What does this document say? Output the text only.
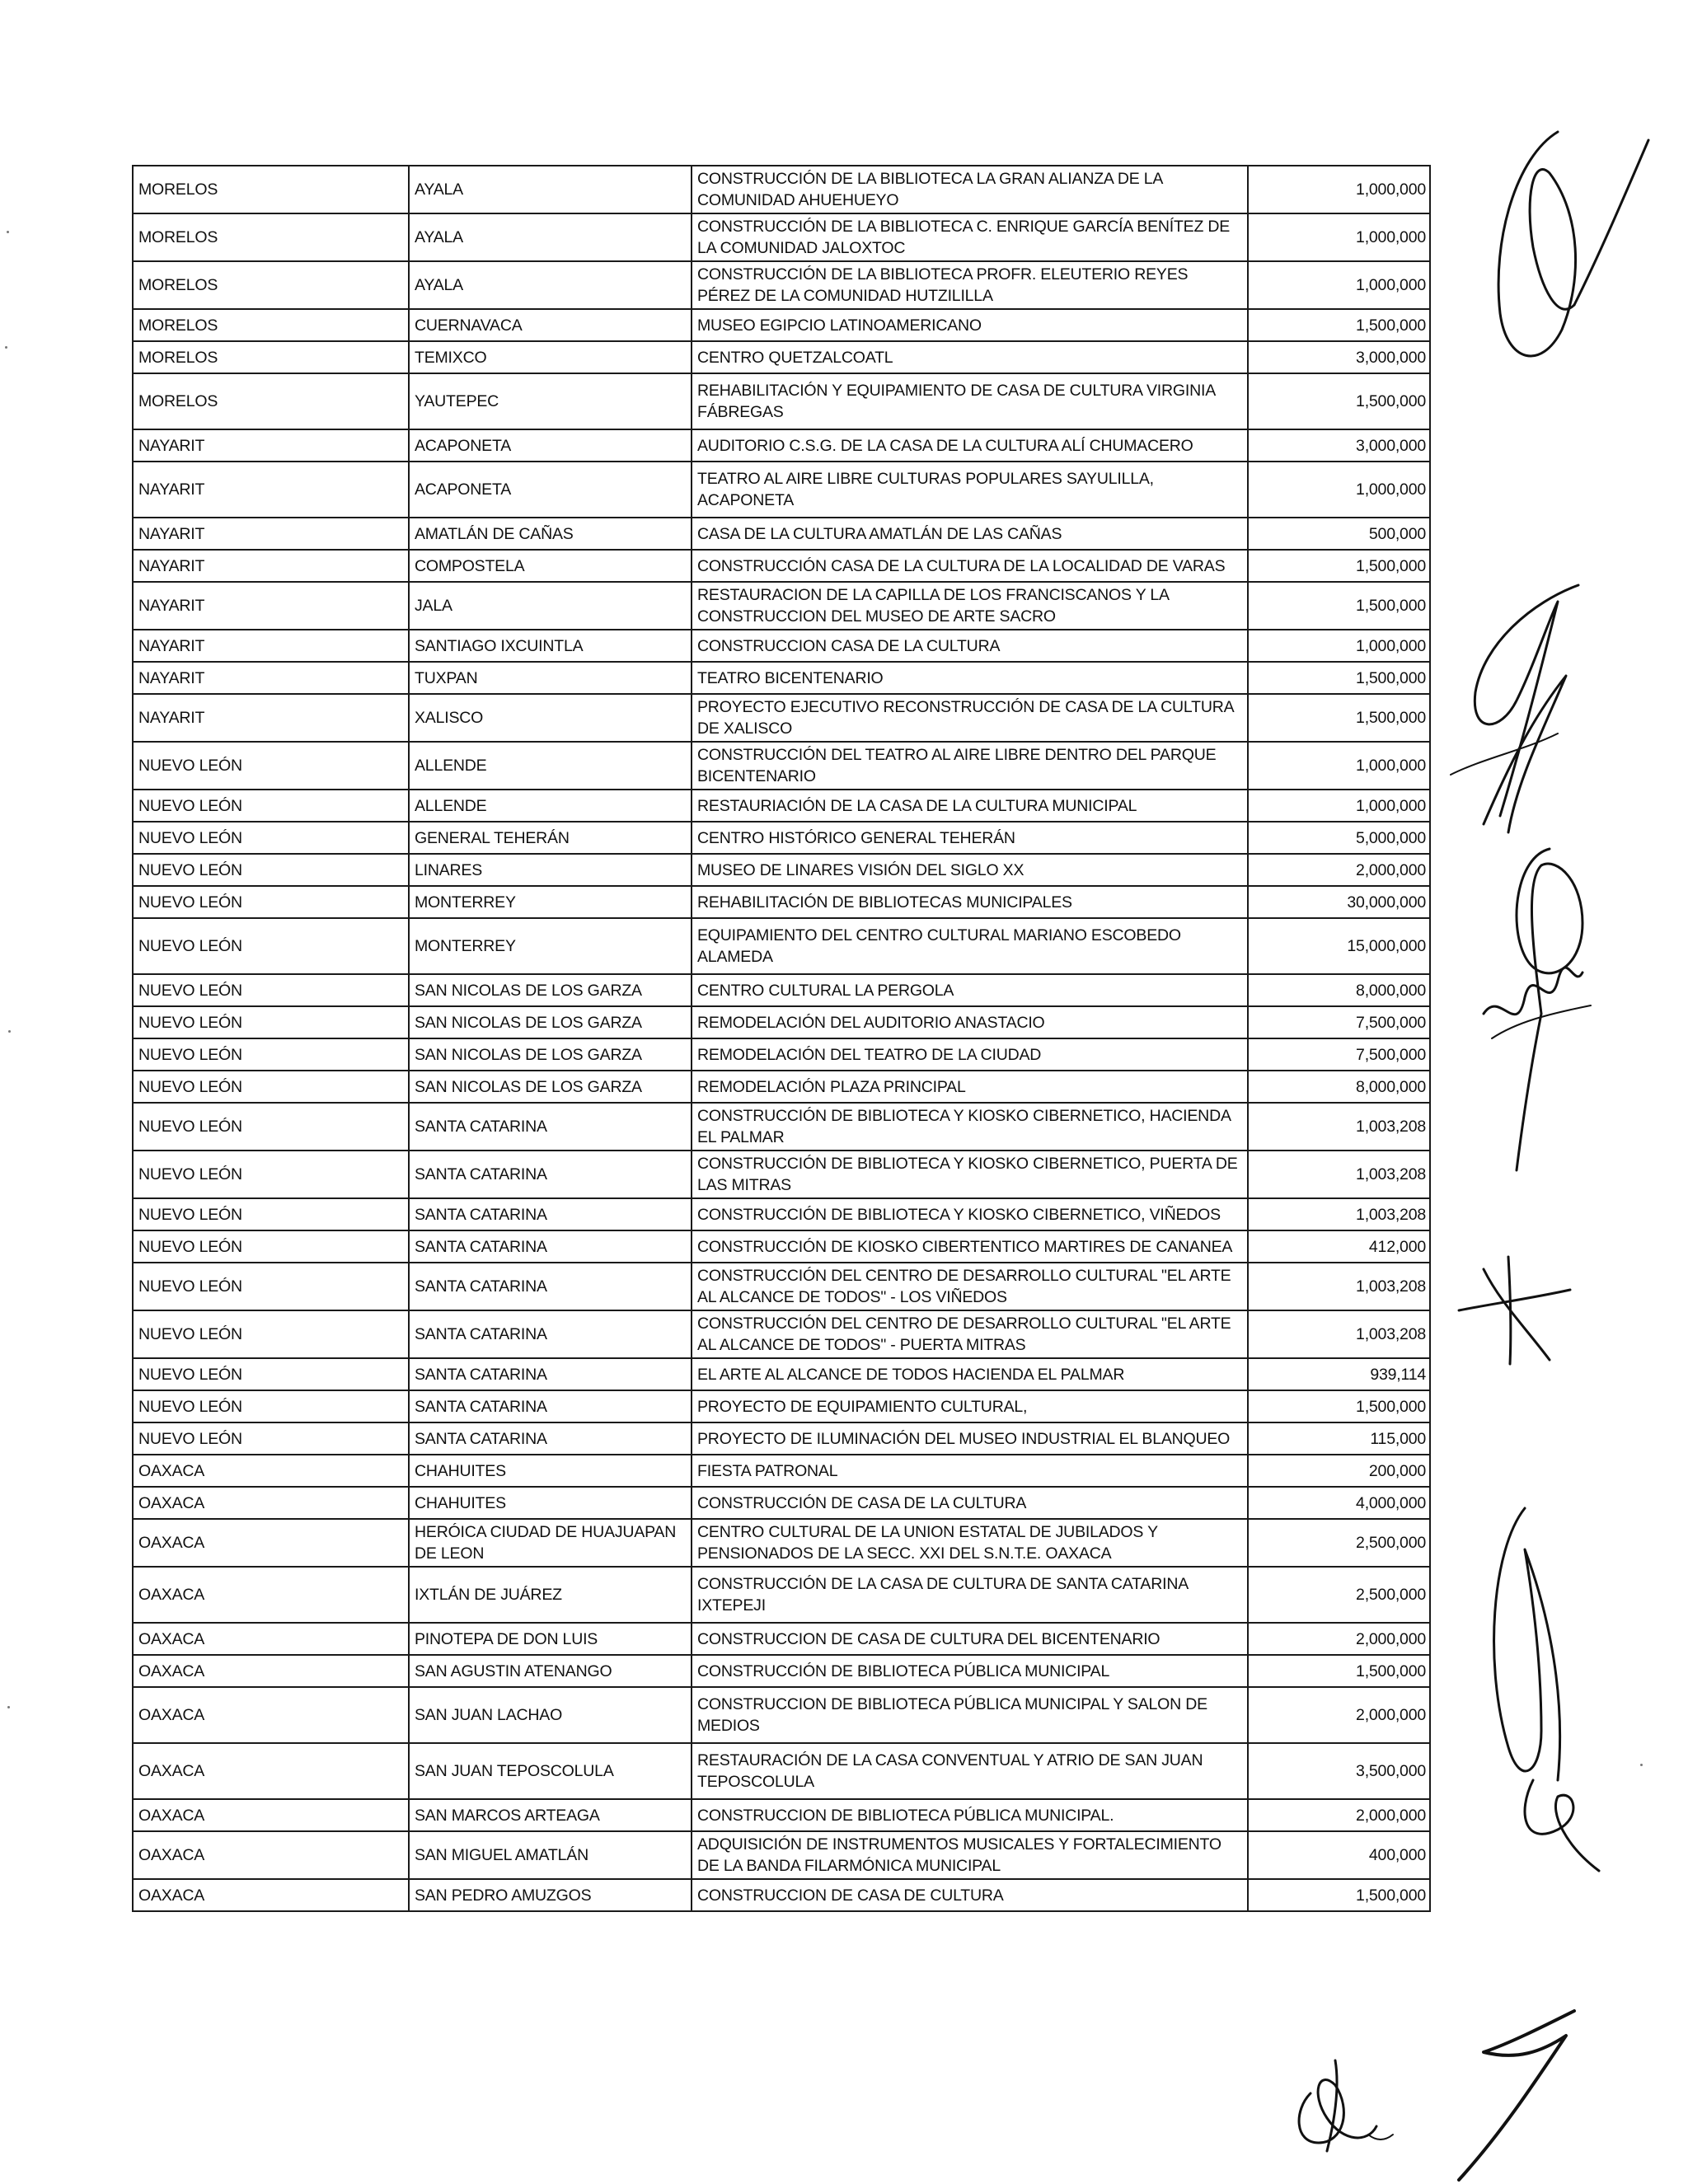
MORELOS	AYALA	CONSTRUCCIÓN DE LA BIBLIOTECA LA GRAN ALIANZA DE LA COMUNIDAD AHUEHUEYO	1,000,000
MORELOS	AYALA	CONSTRUCCIÓN DE LA BIBLIOTECA C. ENRIQUE GARCÍA BENÍTEZ DE LA COMUNIDAD JALOXTOC	1,000,000
MORELOS	AYALA	CONSTRUCCIÓN DE LA BIBLIOTECA PROFR. ELEUTERIO REYES PÉREZ DE LA COMUNIDAD HUTZILILLA	1,000,000
MORELOS	CUERNAVACA	MUSEO EGIPCIO LATINOAMERICANO	1,500,000
MORELOS	TEMIXCO	CENTRO QUETZALCOATL	3,000,000
MORELOS	YAUTEPEC	REHABILITACIÓN Y EQUIPAMIENTO DE CASA DE CULTURA VIRGINIA FÁBREGAS	1,500,000
NAYARIT	ACAPONETA	AUDITORIO C.S.G. DE LA CASA DE LA CULTURA ALÍ CHUMACERO	3,000,000
NAYARIT	ACAPONETA	TEATRO AL AIRE LIBRE CULTURAS POPULARES SAYULILLA, ACAPONETA	1,000,000
NAYARIT	AMATLÁN DE CAÑAS	CASA DE LA CULTURA AMATLÁN DE LAS CAÑAS	500,000
NAYARIT	COMPOSTELA	CONSTRUCCIÓN CASA DE LA CULTURA DE LA LOCALIDAD DE VARAS	1,500,000
NAYARIT	JALA	RESTAURACION DE LA CAPILLA DE LOS FRANCISCANOS Y LA CONSTRUCCION DEL MUSEO DE ARTE SACRO	1,500,000
NAYARIT	SANTIAGO IXCUINTLA	CONSTRUCCION CASA DE LA CULTURA	1,000,000
NAYARIT	TUXPAN	TEATRO BICENTENARIO	1,500,000
NAYARIT	XALISCO	PROYECTO EJECUTIVO RECONSTRUCCIÓN DE CASA DE LA CULTURA DE XALISCO	1,500,000
NUEVO LEÓN	ALLENDE	CONSTRUCCIÓN DEL TEATRO AL AIRE LIBRE DENTRO DEL PARQUE BICENTENARIO	1,000,000
NUEVO LEÓN	ALLENDE	RESTAURIACIÓN DE LA CASA DE LA CULTURA MUNICIPAL	1,000,000
NUEVO LEÓN	GENERAL TEHERÁN	CENTRO HISTÓRICO GENERAL TEHERÁN	5,000,000
NUEVO LEÓN	LINARES	MUSEO DE LINARES VISIÓN DEL SIGLO XX	2,000,000
NUEVO LEÓN	MONTERREY	REHABILITACIÓN DE BIBLIOTECAS MUNICIPALES	30,000,000
NUEVO LEÓN	MONTERREY	EQUIPAMIENTO DEL CENTRO CULTURAL MARIANO ESCOBEDO ALAMEDA	15,000,000
NUEVO LEÓN	SAN NICOLAS DE LOS GARZA	CENTRO CULTURAL LA PERGOLA	8,000,000
NUEVO LEÓN	SAN NICOLAS DE LOS GARZA	REMODELACIÓN DEL AUDITORIO ANASTACIO	7,500,000
NUEVO LEÓN	SAN NICOLAS DE LOS GARZA	REMODELACIÓN DEL TEATRO DE LA CIUDAD	7,500,000
NUEVO LEÓN	SAN NICOLAS DE LOS GARZA	REMODELACIÓN PLAZA PRINCIPAL	8,000,000
NUEVO LEÓN	SANTA CATARINA	CONSTRUCCIÓN DE BIBLIOTECA Y KIOSKO CIBERNETICO, HACIENDA EL PALMAR	1,003,208
NUEVO LEÓN	SANTA CATARINA	CONSTRUCCIÓN DE BIBLIOTECA Y KIOSKO CIBERNETICO, PUERTA DE LAS MITRAS	1,003,208
NUEVO LEÓN	SANTA CATARINA	CONSTRUCCIÓN DE BIBLIOTECA Y KIOSKO CIBERNETICO, VIÑEDOS	1,003,208
NUEVO LEÓN	SANTA CATARINA	CONSTRUCCIÓN DE KIOSKO CIBERTENTICO MARTIRES DE CANANEA	412,000
NUEVO LEÓN	SANTA CATARINA	CONSTRUCCIÓN DEL CENTRO DE DESARROLLO CULTURAL "EL ARTE AL ALCANCE DE TODOS" - LOS VIÑEDOS	1,003,208
NUEVO LEÓN	SANTA CATARINA	CONSTRUCCIÓN DEL CENTRO DE DESARROLLO CULTURAL "EL ARTE AL ALCANCE DE TODOS" - PUERTA MITRAS	1,003,208
NUEVO LEÓN	SANTA CATARINA	EL ARTE AL ALCANCE DE TODOS HACIENDA EL PALMAR	939,114
NUEVO LEÓN	SANTA CATARINA	PROYECTO DE EQUIPAMIENTO CULTURAL,	1,500,000
NUEVO LEÓN	SANTA CATARINA	PROYECTO DE ILUMINACIÓN DEL MUSEO INDUSTRIAL EL BLANQUEO	115,000
OAXACA	CHAHUITES	FIESTA PATRONAL	200,000
OAXACA	CHAHUITES	CONSTRUCCIÓN DE CASA DE LA CULTURA	4,000,000
OAXACA	HERÓICA CIUDAD DE HUAJUAPAN DE LEON	CENTRO CULTURAL DE LA UNION ESTATAL DE JUBILADOS Y PENSIONADOS DE LA SECC. XXI DEL S.N.T.E. OAXACA	2,500,000
OAXACA	IXTLÁN DE JUÁREZ	CONSTRUCCIÓN DE LA CASA DE CULTURA DE SANTA CATARINA IXTEPEJI	2,500,000
OAXACA	PINOTEPA DE DON LUIS	CONSTRUCCION DE CASA DE CULTURA DEL BICENTENARIO	2,000,000
OAXACA	SAN AGUSTIN ATENANGO	CONSTRUCCIÓN DE BIBLIOTECA PÚBLICA MUNICIPAL	1,500,000
OAXACA	SAN JUAN LACHAO	CONSTRUCCION DE BIBLIOTECA PÚBLICA MUNICIPAL Y SALON DE MEDIOS	2,000,000
OAXACA	SAN JUAN TEPOSCOLULA	RESTAURACIÓN DE LA CASA CONVENTUAL Y ATRIO DE SAN JUAN TEPOSCOLULA	3,500,000
OAXACA	SAN MARCOS ARTEAGA	CONSTRUCCION DE BIBLIOTECA PÚBLICA MUNICIPAL.	2,000,000
OAXACA	SAN MIGUEL AMATLÁN	ADQUISICIÓN DE INSTRUMENTOS MUSICALES Y FORTALECIMIENTO DE LA BANDA FILARMÓNICA MUNICIPAL	400,000
OAXACA	SAN PEDRO AMUZGOS	CONSTRUCCION DE CASA DE CULTURA	1,500,000
